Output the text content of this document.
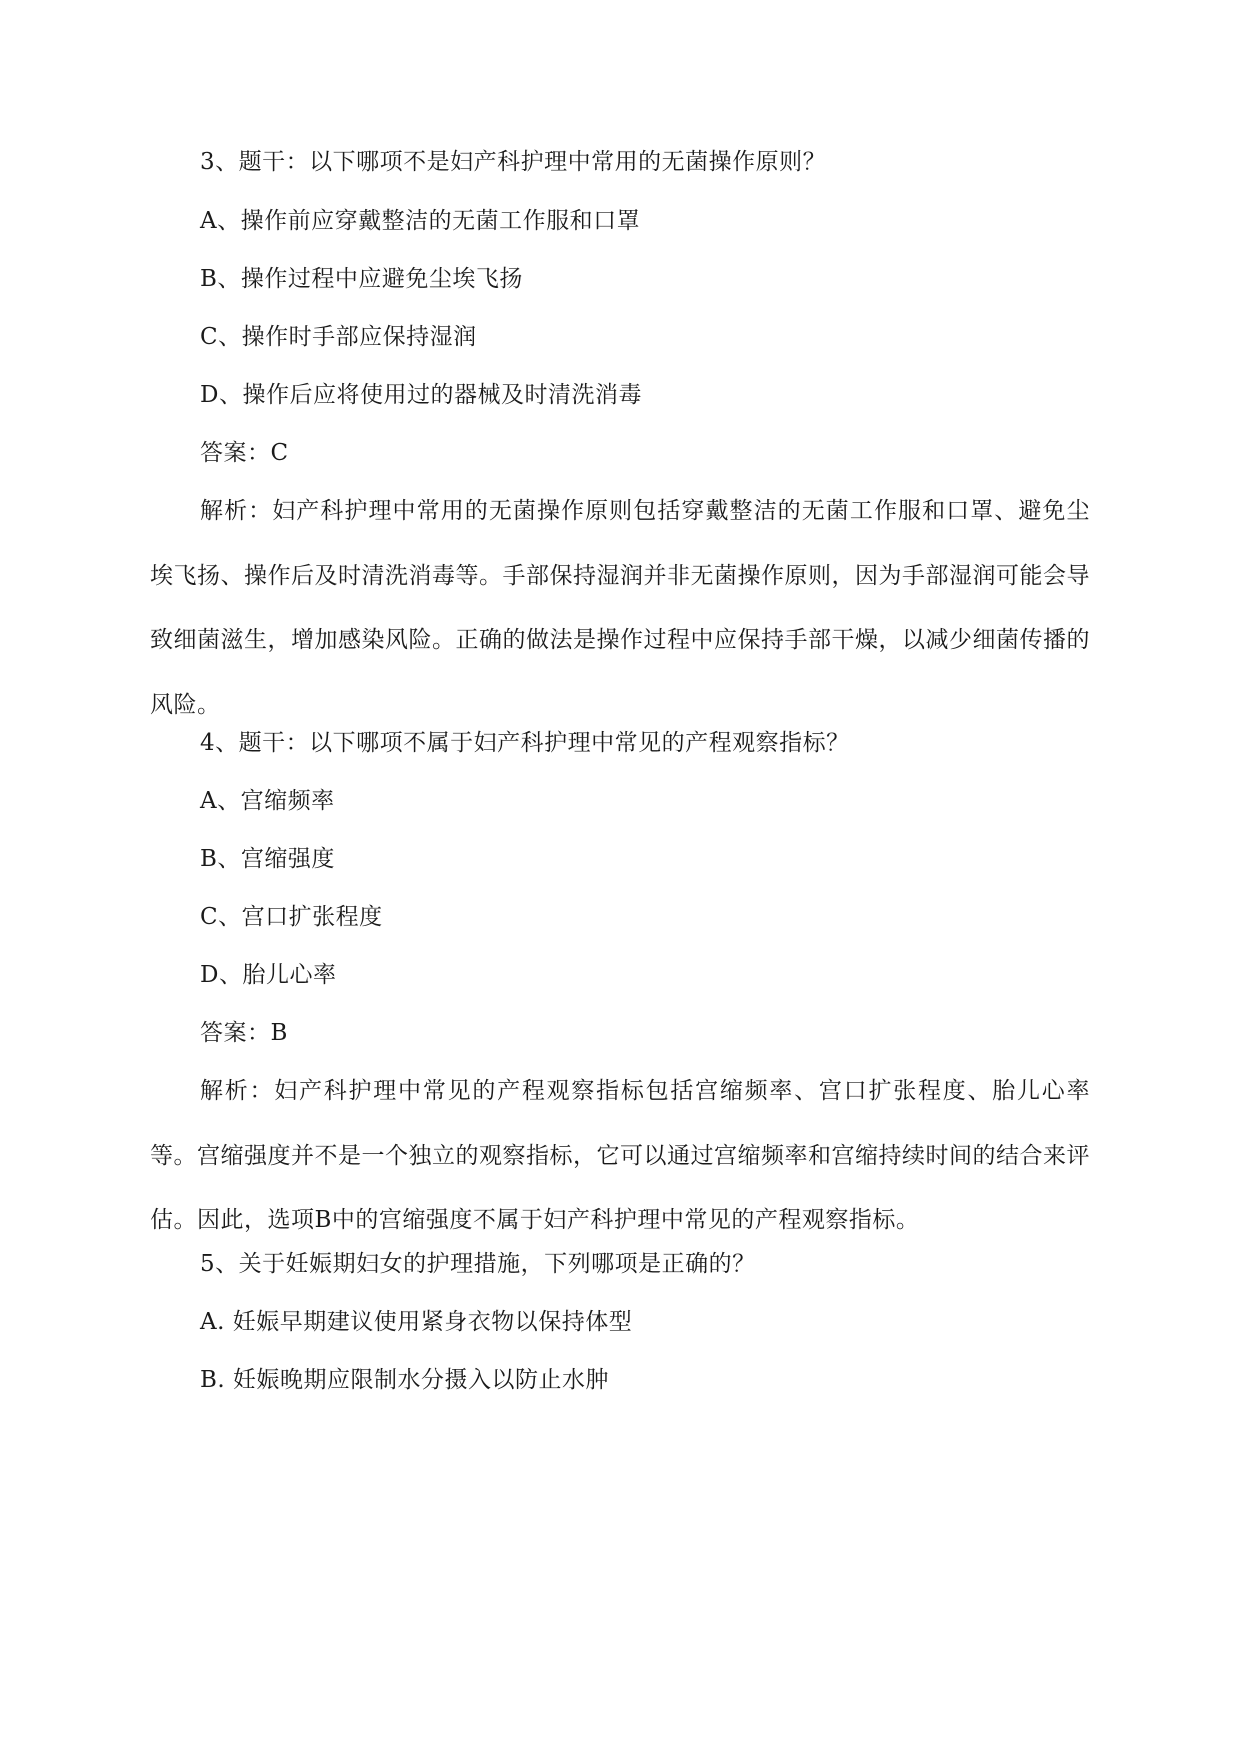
3、题干：以下哪项不是妇产科护理中常用的无菌操作原则？
A、操作前应穿戴整洁的无菌工作服和口罩
B、操作过程中应避免尘埃飞扬
C、操作时手部应保持湿润
D、操作后应将使用过的器械及时清洗消毒
答案：C
解析：妇产科护理中常用的无菌操作原则包括穿戴整洁的无菌工作服和口罩、避免尘埃飞扬、操作后及时清洗消毒等。手部保持湿润并非无菌操作原则，因为手部湿润可能会导致细菌滋生，增加感染风险。正确的做法是操作过程中应保持手部干燥，以减少细菌传播的风险。
4、题干：以下哪项不属于妇产科护理中常见的产程观察指标？
A、宫缩频率
B、宫缩强度
C、宫口扩张程度
D、胎儿心率
答案：B
解析：妇产科护理中常见的产程观察指标包括宫缩频率、宫口扩张程度、胎儿心率等。宫缩强度并不是一个独立的观察指标，它可以通过宫缩频率和宫缩持续时间的结合来评估。因此，选项B中的宫缩强度不属于妇产科护理中常见的产程观察指标。
5、关于妊娠期妇女的护理措施，下列哪项是正确的？
A. 妊娠早期建议使用紧身衣物以保持体型
B. 妊娠晚期应限制水分摄入以防止水肿
